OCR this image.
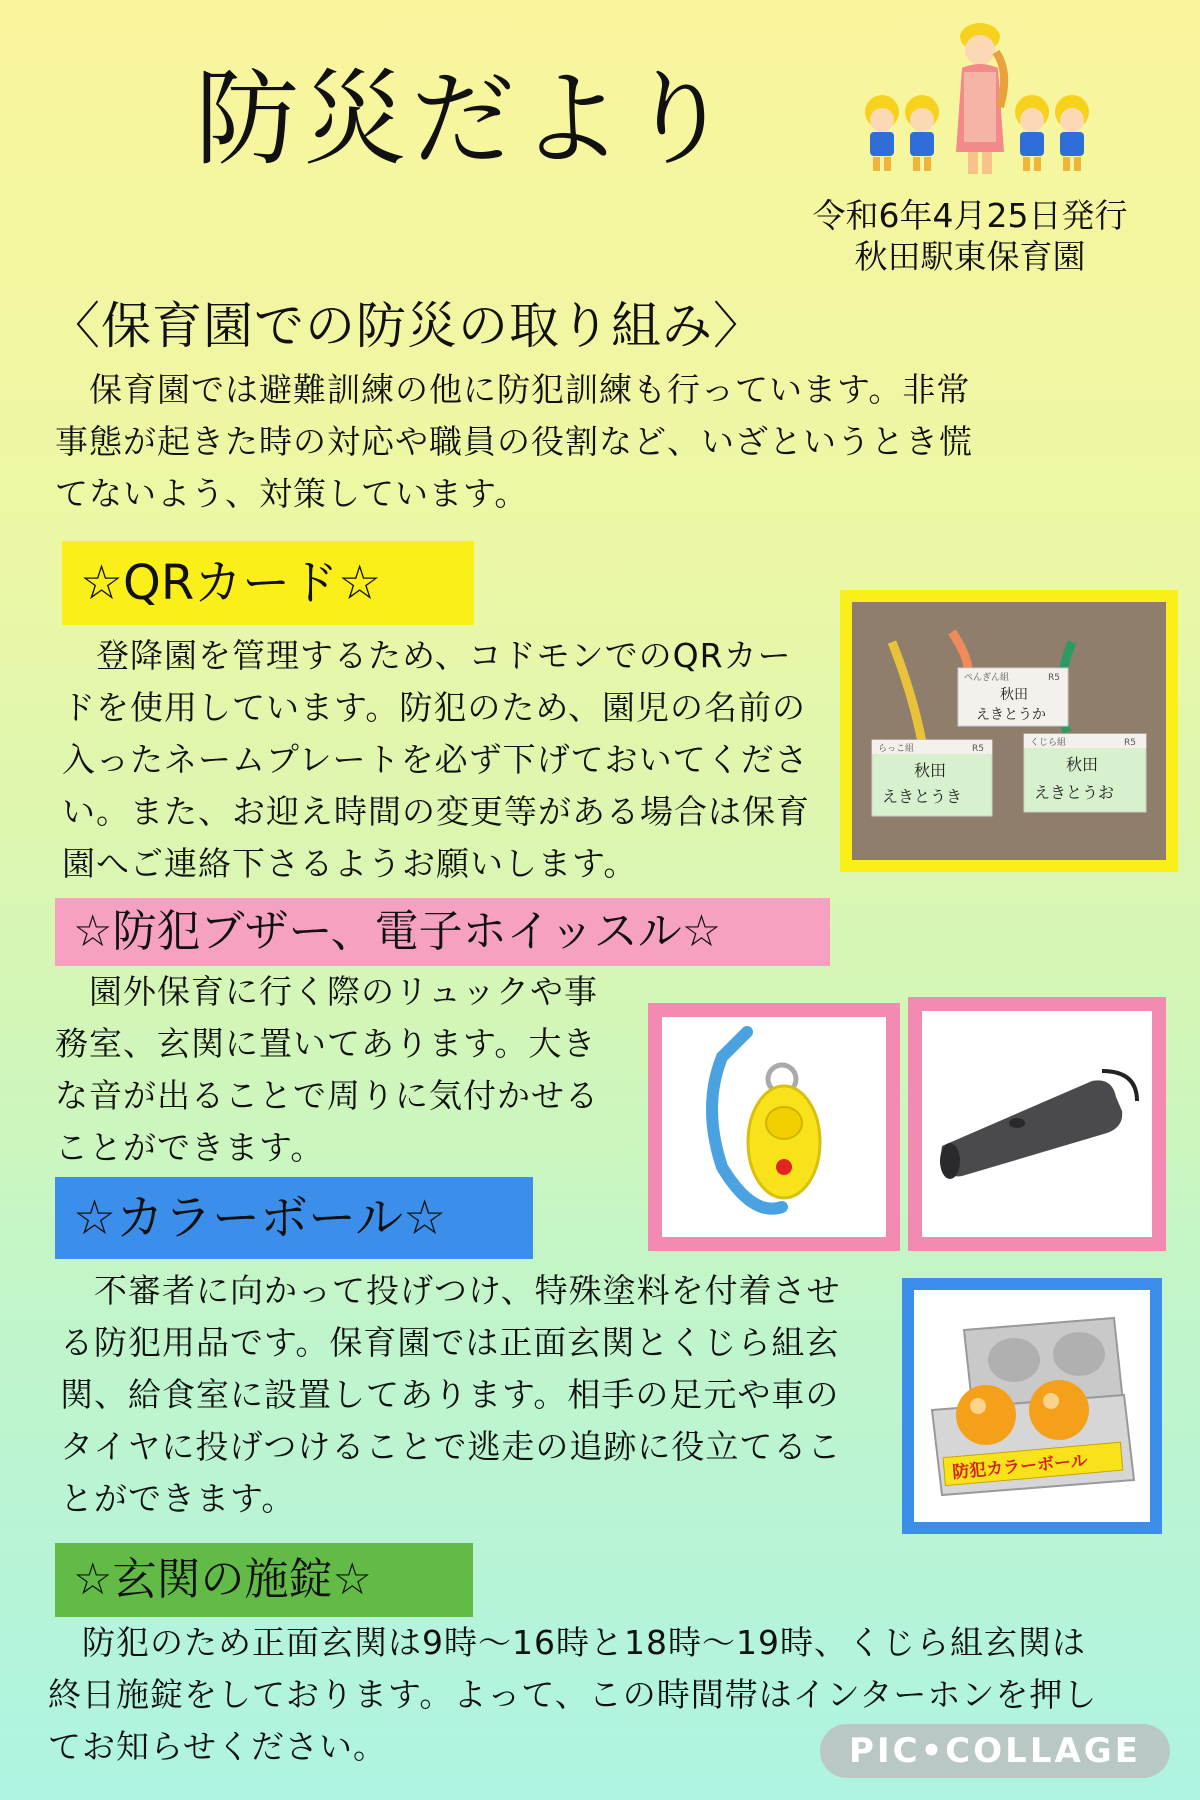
防災だより
令和6年4月25日発行
秋田駅東保育園
〈保育園での防災の取り組み〉
　保育園では避難訓練の他に防犯訓練も行っています。非常
事態が起きた時の対応や職員の役割など、いざというとき慌
てないよう、対策しています。
☆QRカード☆
　登降園を管理するため、コドモンでのQRカー
ドを使用しています。防犯のため、園児の名前の
入ったネームプレートを必ず下げておいてくださ
い。また、お迎え時間の変更等がある場合は保育
園へご連絡下さるようお願いします。
ぺんぎん組	R5
秋田
えきとうか
らっこ組	R5
秋田
えきとうき
くじら組	R5
秋田
えきとうお
☆防犯ブザー、電子ホイッスル☆
　園外保育に行く際のリュックや事
務室、玄関に置いてあります。大き
な音が出ることで周りに気付かせる
ことができます。
☆カラーボール☆
　不審者に向かって投げつけ、特殊塗料を付着させ
る防犯用品です。保育園では正面玄関とくじら組玄
関、給食室に設置してあります。相手の足元や車の
タイヤに投げつけることで逃走の追跡に役立てるこ
とができます。
防犯カラーボール
☆玄関の施錠☆
　防犯のため正面玄関は9時〜16時と18時〜19時、くじら組玄関は
終日施錠をしております。よって、この時間帯はインターホンを押し
てお知らせください。	PIC•COLLAGE
